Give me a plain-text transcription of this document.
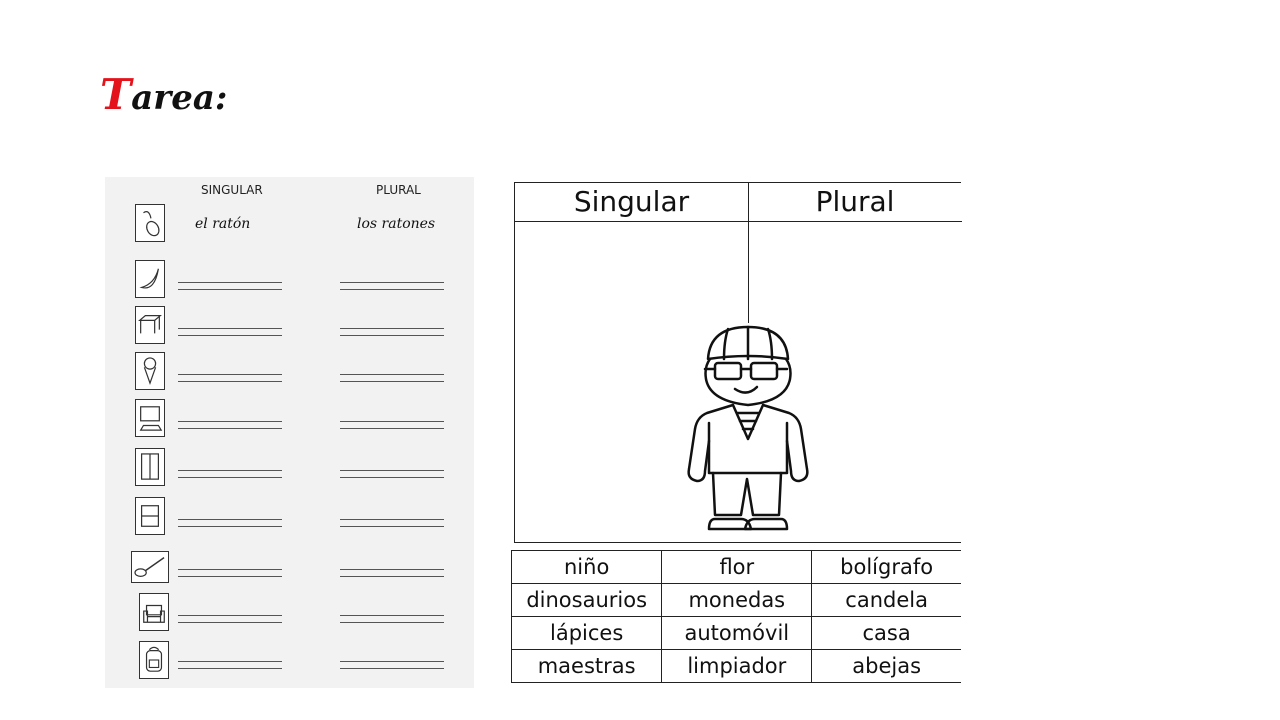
Tarea:
SINGULAR	PLURAL
el ratón	los ratones
Singular	Plural
niño	flor	bolígrafo
dinosaurios	monedas	candela
lápices	automóvil	casa
maestras	limpiador	abejas
